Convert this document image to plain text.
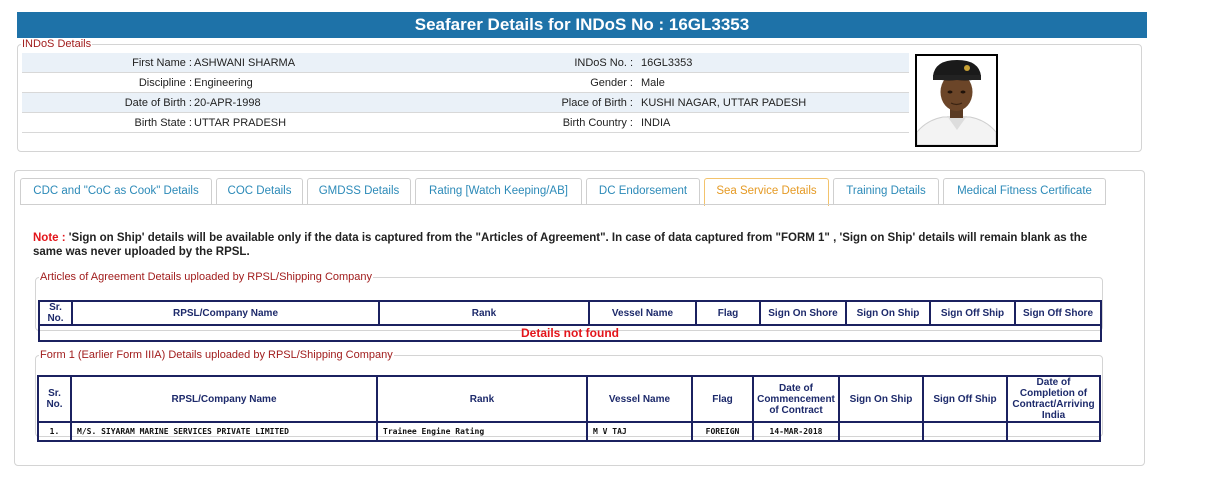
Seafarer Details for INDoS No : 16GL3353
INDoS Details
First Name : ASHWANI SHARMA	INDoS No. : 16GL3353
Discipline : Engineering	Gender : Male
Date of Birth : 20-APR-1998	Place of Birth : KUSHI NAGAR, UTTAR PADESH
Birth State : UTTAR PRADESH	Birth Country : INDIA
CDC and "CoC as Cook" Details	COC Details	GMDSS Details	Rating [Watch Keeping/AB]	DC Endorsement	Sea Service Details	Training Details	Medical Fitness Certificate
Note : 'Sign on Ship' details will be available only if the data is captured from the "Articles of Agreement". In case of data captured from "FORM 1" , 'Sign on Ship' details will remain blank as the same was never uploaded by the RPSL.
Articles of Agreement Details uploaded by RPSL/Shipping Company
Sr. No.	RPSL/Company Name	Rank	Vessel Name	Flag	Sign On Shore	Sign On Ship	Sign Off Ship	Sign Off Shore
Details not found
Form 1 (Earlier Form IIIA) Details uploaded by RPSL/Shipping Company
Sr. No.	RPSL/Company Name	Rank	Vessel Name	Flag	Date of Commencement of Contract	Sign On Ship	Sign Off Ship	Date of Completion of Contract/Arriving India
1.	M/S. SIYARAM MARINE SERVICES PRIVATE LIMITED	Trainee Engine Rating	M V TAJ	FOREIGN	14-MAR-2018			
